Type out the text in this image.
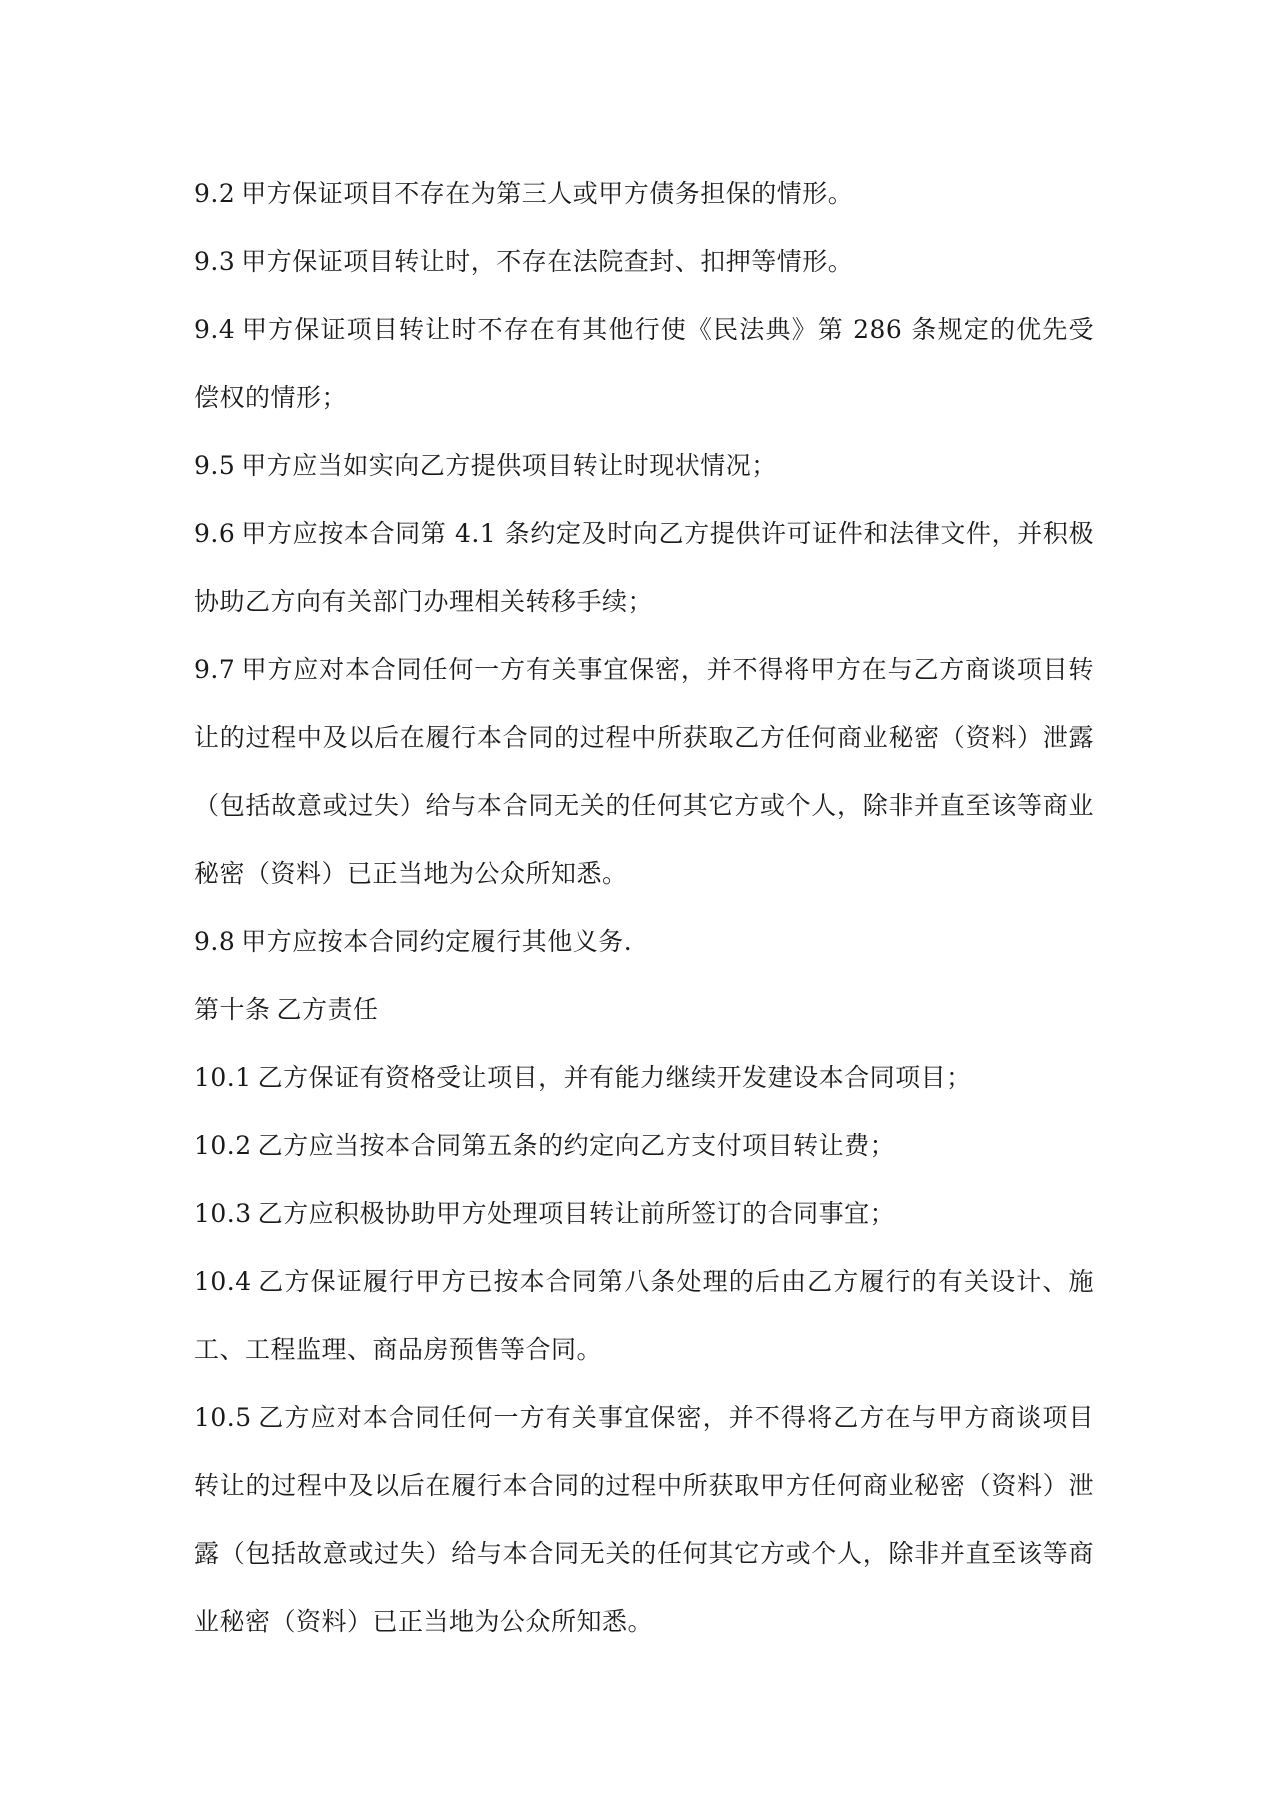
9.2 甲方保证项目不存在为第三人或甲方债务担保的情形。

9.3 甲方保证项目转让时，不存在法院查封、扣押等情形。

9.4 甲方保证项目转让时不存在有其他行使《民法典》第 286 条规定的优先受偿权的情形；

9.5 甲方应当如实向乙方提供项目转让时现状情况；

9.6 甲方应按本合同第 4.1 条约定及时向乙方提供许可证件和法律文件，并积极协助乙方向有关部门办理相关转移手续；

9.7 甲方应对本合同任何一方有关事宜保密，并不得将甲方在与乙方商谈项目转让的过程中及以后在履行本合同的过程中所获取乙方任何商业秘密（资料）泄露（包括故意或过失）给与本合同无关的任何其它方或个人，除非并直至该等商业秘密（资料）已正当地为公众所知悉。

9.8 甲方应按本合同约定履行其他义务.

第十条 乙方责任

10.1 乙方保证有资格受让项目，并有能力继续开发建设本合同项目；

10.2 乙方应当按本合同第五条的约定向乙方支付项目转让费；

10.3 乙方应积极协助甲方处理项目转让前所签订的合同事宜；

10.4 乙方保证履行甲方已按本合同第八条处理的后由乙方履行的有关设计、施工、工程监理、商品房预售等合同。

10.5 乙方应对本合同任何一方有关事宜保密，并不得将乙方在与甲方商谈项目转让的过程中及以后在履行本合同的过程中所获取甲方任何商业秘密（资料）泄露（包括故意或过失）给与本合同无关的任何其它方或个人，除非并直至该等商业秘密（资料）已正当地为公众所知悉。
